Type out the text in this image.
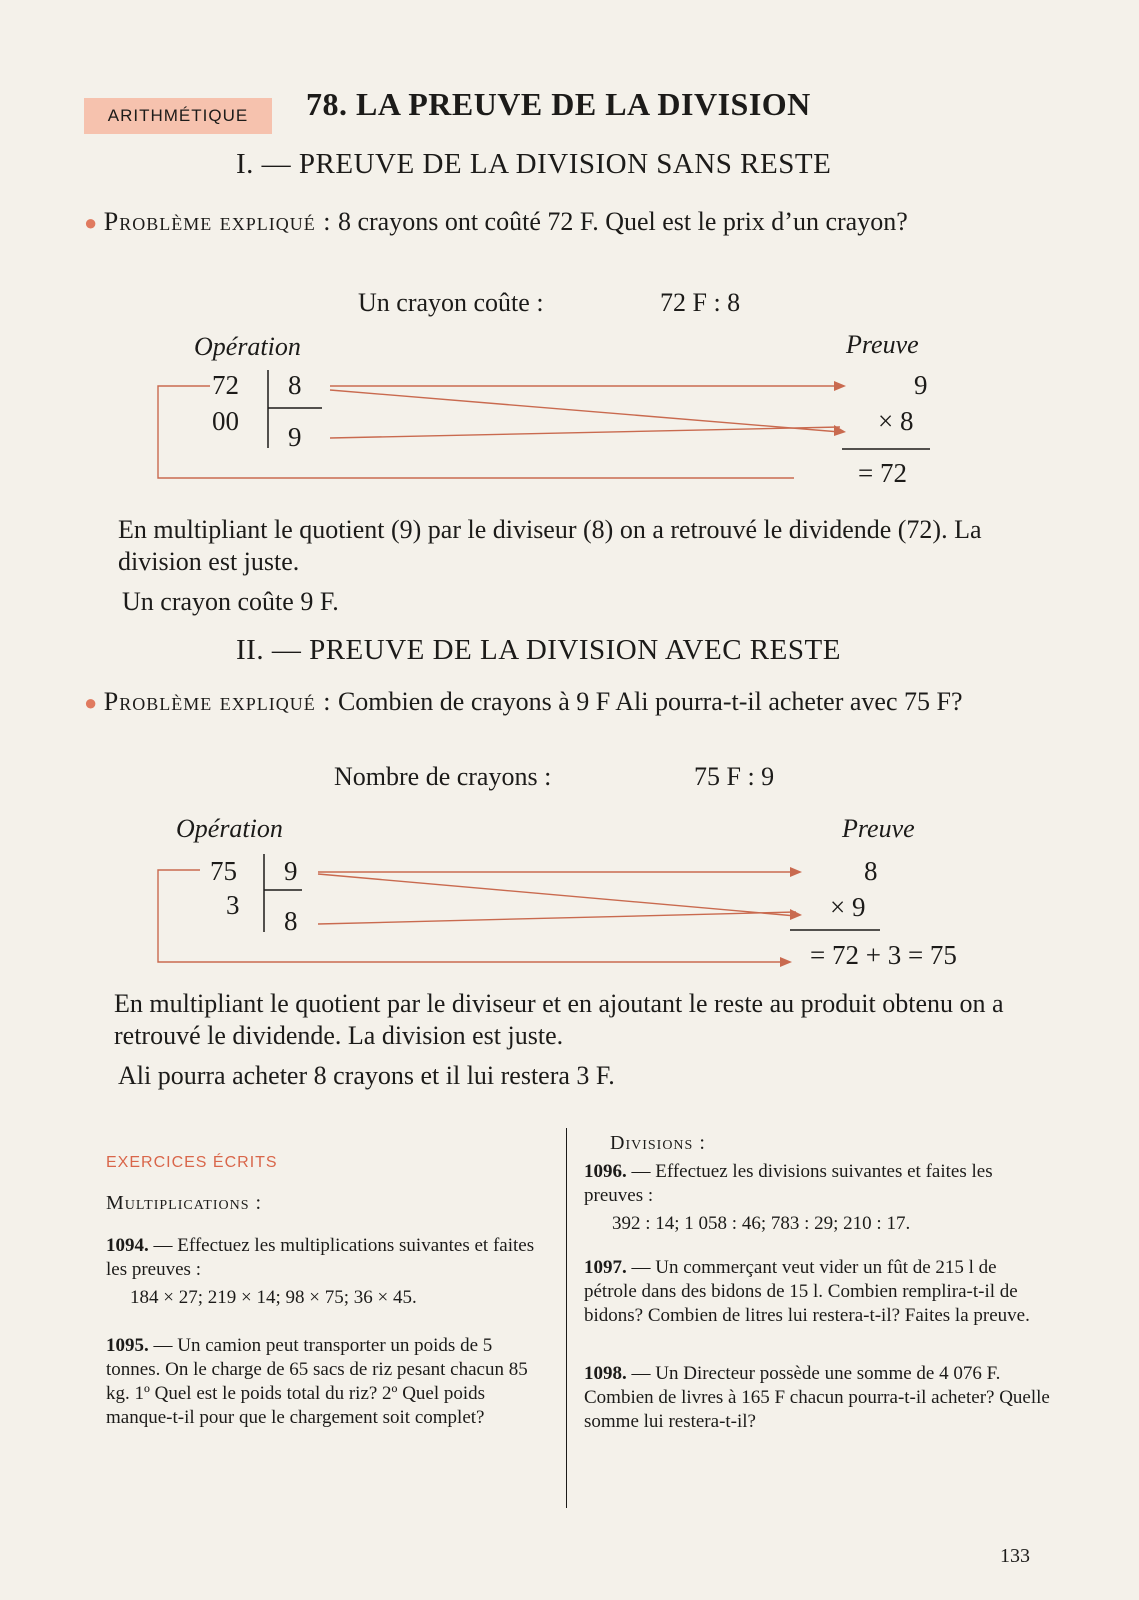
ARITHMÉTIQUE 78. LA PREUVE DE LA DIVISION
I. — PREUVE DE LA DIVISION SANS RESTE
● Problème expliqué : 8 crayons ont coûté 72 F. Quel est le prix d’un crayon?
Un crayon coûte :	72 F : 8
Opération	Preuve
72 8
00
9
9
× 8
= 72
En multipliant le quotient (9) par le diviseur (8) on a retrouvé le dividende (72). La division est juste.
Un crayon coûte 9 F.
II. — PREUVE DE LA DIVISION AVEC RESTE
● Problème expliqué : Combien de crayons à 9 F Ali pourra-t-il acheter avec 75 F?
Nombre de crayons :	75 F : 9
Opération	Preuve
75 9
3
8
8
× 9
= 72 + 3 = 75
En multipliant le quotient par le diviseur et en ajoutant le reste au produit obtenu on a retrouvé le dividende. La division est juste.
Ali pourra acheter 8 crayons et il lui restera 3 F.
EXERCICES ÉCRITS
Multiplications :
1094. — Effectuez les multiplications suivantes et faites les preuves :
184 × 27; 219 × 14; 98 × 75; 36 × 45.
1095. — Un camion peut transporter un poids de 5 tonnes. On le charge de 65 sacs de riz pesant chacun 85 kg. 1º Quel est le poids total du riz? 2º Quel poids manque-t-il pour que le chargement soit complet?
Divisions :
1096. — Effectuez les divisions suivantes et faites les preuves :
392 : 14; 1 058 : 46; 783 : 29; 210 : 17.
1097. — Un commerçant veut vider un fût de 215 l de pétrole dans des bidons de 15 l. Combien remplira-t-il de bidons? Combien de litres lui restera-t-il? Faites la preuve.
1098. — Un Directeur possède une somme de 4 076 F. Combien de livres à 165 F chacun pourra-t-il acheter? Quelle somme lui restera-t-il?
133
